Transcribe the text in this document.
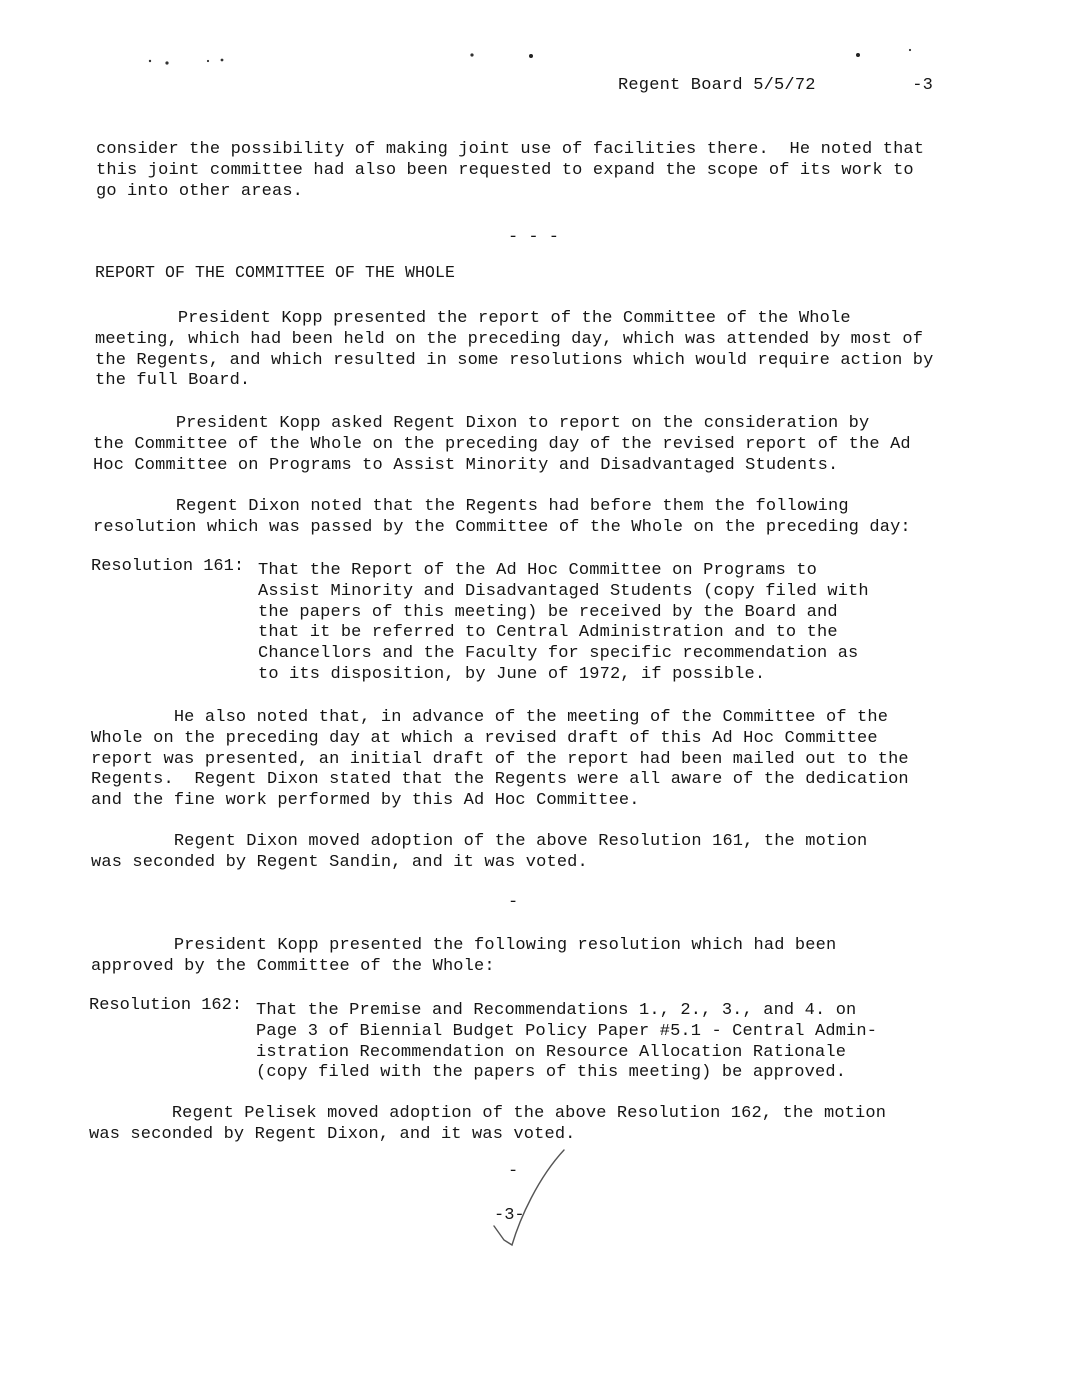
Regent Board 5/5/72	-3
consider the possibility of making joint use of facilities there.  He noted that
this joint committee had also been requested to expand the scope of its work to
go into other areas.
- - -
REPORT OF THE COMMITTEE OF THE WHOLE
President Kopp presented the report of the Committee of the Whole
meeting, which had been held on the preceding day, which was attended by most of
the Regents, and which resulted in some resolutions which would require action by
the full Board.
President Kopp asked Regent Dixon to report on the consideration by
the Committee of the Whole on the preceding day of the revised report of the Ad
Hoc Committee on Programs to Assist Minority and Disadvantaged Students.
Regent Dixon noted that the Regents had before them the following
resolution which was passed by the Committee of the Whole on the preceding day:
Resolution 161: That the Report of the Ad Hoc Committee on Programs to
Assist Minority and Disadvantaged Students (copy filed with
the papers of this meeting) be received by the Board and
that it be referred to Central Administration and to the
Chancellors and the Faculty for specific recommendation as
to its disposition, by June of 1972, if possible.
He also noted that, in advance of the meeting of the Committee of the
Whole on the preceding day at which a revised draft of this Ad Hoc Committee
report was presented, an initial draft of the report had been mailed out to the
Regents.  Regent Dixon stated that the Regents were all aware of the dedication
and the fine work performed by this Ad Hoc Committee.
Regent Dixon moved adoption of the above Resolution 161, the motion
was seconded by Regent Sandin, and it was voted.
-
President Kopp presented the following resolution which had been
approved by the Committee of the Whole:
Resolution 162: That the Premise and Recommendations 1., 2., 3., and 4. on
Page 3 of Biennial Budget Policy Paper #5.1 - Central Admin-
istration Recommendation on Resource Allocation Rationale
(copy filed with the papers of this meeting) be approved.
Regent Pelisek moved adoption of the above Resolution 162, the motion
was seconded by Regent Dixon, and it was voted.
-
-3-
